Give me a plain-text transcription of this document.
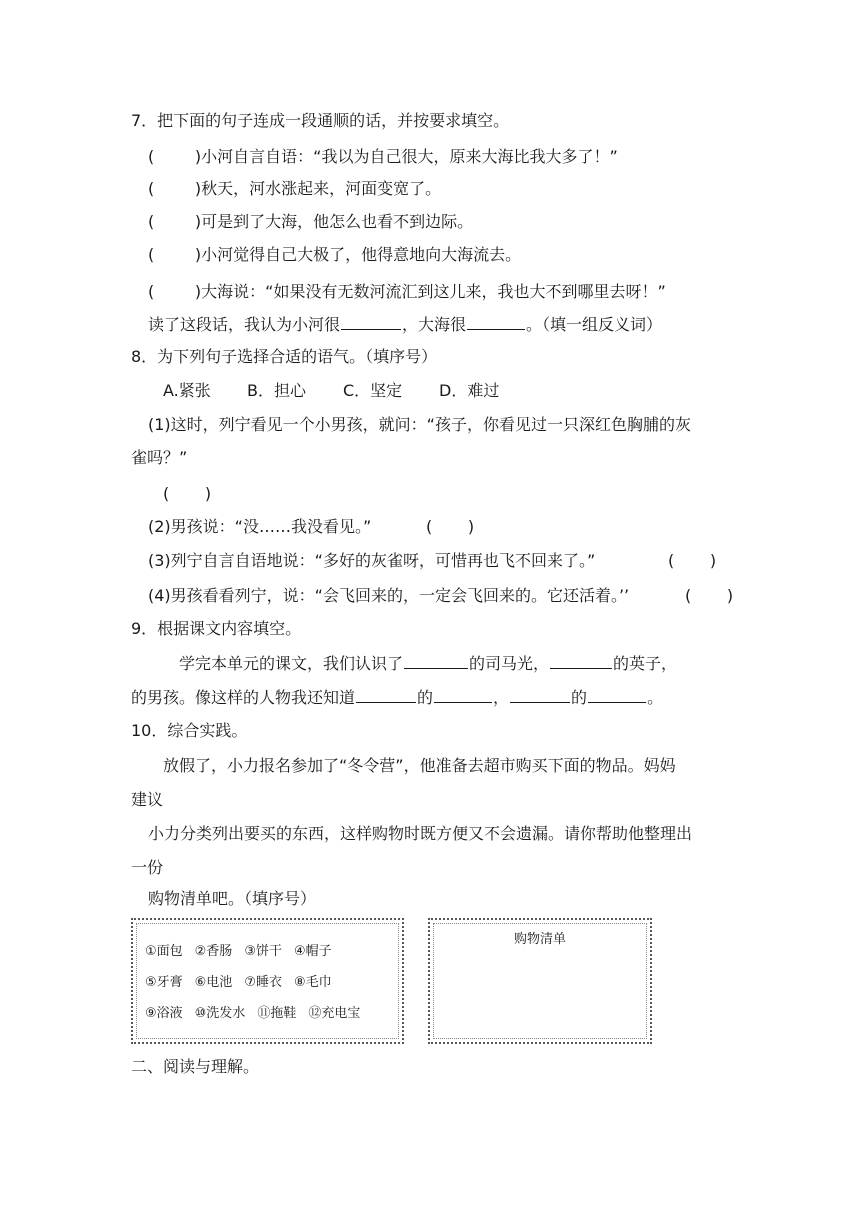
7．把下面的句子连成一段通顺的话，并按要求填空。
(        )小河自言自语：“我以为自己很大，原来大海比我大多了！”
(        )秋天，河水涨起来，河面变宽了。
(        )可是到了大海，他怎么也看不到边际。
(        )小河觉得自己大极了，他得意地向大海流去。
(        )大海说：“如果没有无数河流汇到这儿来，我也大不到哪里去呀！”
读了这段话，我认为小河很	，大海很	。（填一组反义词）
8．为下列句子选择合适的语气。（填序号）
A.紧张 B．担心 C．坚定 D．难过
(1)这时，列宁看见一个小男孩，就问：“孩子，你看见过一只深红色胸脯的灰
雀吗？”
(       )
(2)男孩说：“没……我没看见。”	(       )
(3)列宁自言自语地说：“多好的灰雀呀，可惜再也飞不回来了。”	(       )
(4)男孩看看列宁，说：“会飞回来的，一定会飞回来的。它还活着。’’	(       )
9．根据课文内容填空。
学完本单元的课文，我们认识了	的司马光，	的英子，
的男孩。像这样的人物我还知道	的	，	的	。
10．综合实践。
放假了，小力报名参加了“冬令营”，他准备去超市购买下面的物品。妈妈
建议
小力分类列出要买的东西，这样购物时既方便又不会遗漏。请你帮助他整理出
一份
购物清单吧。（填序号）
①面包 ②香肠 ③饼干 ④帽子
⑤牙膏 ⑥电池 ⑦睡衣 ⑧毛巾
⑨浴液 ⑩洗发水 ⑪拖鞋 ⑫充电宝
购物清单
二、阅读与理解。
